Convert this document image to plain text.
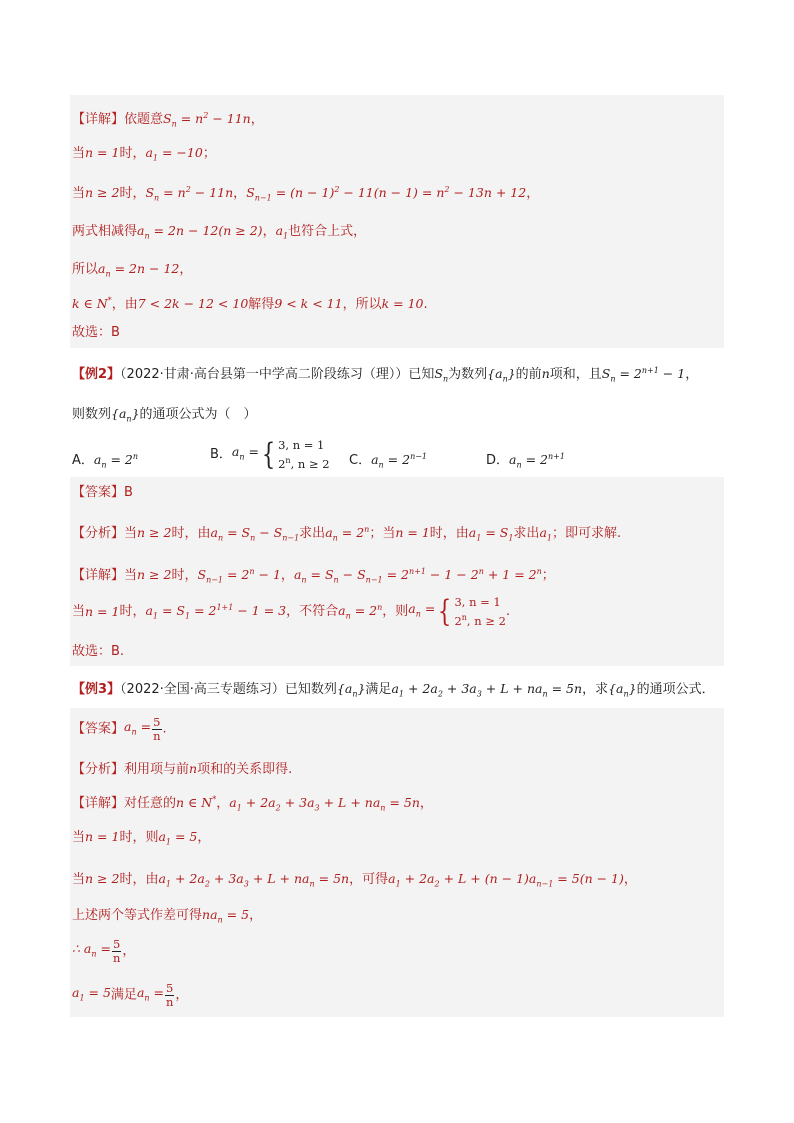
【详解】依题意$S_n = n^2 - 11n$，
当n = 1时，$a_1 = -10$；
当n ≥ 2时，$S_n = n^2 - 11n$，$S_{n-1} = (n - 1)^2 - 11(n - 1) = n^2 - 13n + 12$，
两式相减得$a_n = 2n - 12(n \ge 2)$，$a_1$也符合上式，
所以$a_n = 2n - 12$，
k ∈ N*，由7 < 2k − 12 < 10解得9 < k < 11，所以k = 10.
故选：B
【例2】（2022·甘肃·高台县第一中学高二阶段练习（理））已知$S_n$为数列$\{a_n\}$的前n项和，且$S_n = 2^{n+1} - 1$，
则数列$\{a_n\}$的通项公式为（　）
A．$a_n = 2^n$	B．$a_n$ ={ 3, n = 1
2$^n$, n ≥ 2 C．$a_n = 2^{n-1}$	D．$a_n = 2^{n+1}$
【答案】B
【分析】当n ≥ 2时，由$a_n = S_n - S_{n-1}$求出$a_n = 2^n$；当n = 1时，由$a_1 = S_1$求出$a_1$；即可求解.
【详解】当n ≥ 2时，$S_{n-1} = 2^n - 1$，$a_n = S_n - S_{n-1} = 2^{n+1} - 1 - 2^n + 1 = 2^n$；
当n = 1时，$a_1 = S_1 = 2^{1+1} - 1 = 3$，不符合$a_n = 2^n$，则$a_n$ ={ 3, n = 1
2$^n$, n ≥ 2
.
故选：B.
【例3】（2022·全国·高三专题练习）已知数列$\{a_n\}$满足$a_1 + 2a_2 + 3a_3 + L + na_n = 5n$，求$\{a_n\}$的通项公式．
【答案】$a_n = \frac{5}{n}$ .
【分析】利用项与前n项和的关系即得.
【详解】对任意的n ∈ N*，$a_1 + 2a_2 + 3a_3 + L + na_n = 5n$，
当n = 1时，则$a_1 = 5$，
当n ≥ 2时，由$a_1 + 2a_2 + 3a_3 + L + na_n = 5n$，可得$a_1 + 2a_2 + L + (n - 1)a_{n-1} = 5(n - 1)$，
上述两个等式作差可得$na_n = 5$，
∴ $a_n = \frac{5}{n}$ ，
$a_1 = 5$满足$a_n = \frac{5}{n}$ ，
